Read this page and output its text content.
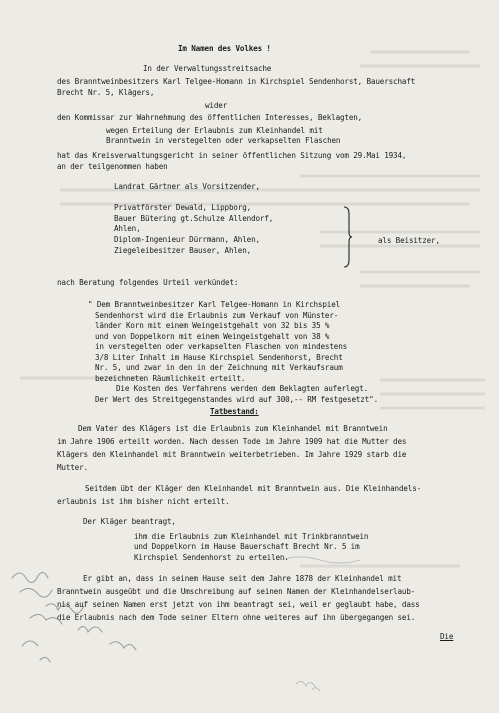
Im Namen des Volkes !
In der Verwaltungsstreitsache
des Branntweinbesitzers Karl Telgee-Homann in Kirchspiel Sendenhorst, Bauerschaft
Brecht Nr. 5, Klägers,
wider
den Kommissar zur Wahrnehmung des öffentlichen Interesses, Beklagten,
wegen Erteilung der Erlaubnis zum Kleinhandel mit
Branntwein in verstegelten oder verkapselten Flaschen
hat das Kreisverwaltungsgericht in seiner öffentlichen Sitzung vom 29.Mai 1934,
an der teilgenommen haben
Landrat Gärtner als Vorsitzender,
Privatförster Dewald, Lippborg,
Bauer Bütering gt.Schulze Allendorf,
Ahlen,
Diplom-Ingenieur Dürrmann, Ahlen,
Ziegeleibesitzer Bauser, Ahlen,
als Beisitzer,
nach Beratung folgendes Urteil verkündet:
" Dem Branntweinbesitzer Karl Telgee-Homann in Kirchspiel
Sendenhorst wird die Erlaubnis zum Verkauf von Münster-
länder Korn mit einem Weingeistgehalt von 32 bis 35 %
und von Doppelkorn mit einem Weingeistgehalt von 38 %
in verstegelten oder verkapselten Flaschen von mindestens
3/8 Liter Inhalt im Hause Kirchspiel Sendenhorst, Brecht
Nr. 5, und zwar in den in der Zeichnung mit Verkaufsraum
bezeichneten Räumlichkeit erteilt.
Die Kosten des Verfahrens werden dem Beklagten auferlegt.
Der Wert des Streitgegenstandes wird auf 300,-- RM festgesetzt".
Tatbestand:
Dem Vater des Klägers ist die Erlaubnis zum Kleinhandel mit Branntwein
im Jahre 1906 erteilt worden. Nach dessen Tode im Jahre 1909 hat die Mutter des
Klägers den Kleinhandel mit Branntwein weiterbetrieben. Im Jahre 1929 starb die
Mutter.
Seitdem übt der Kläger den Kleinhandel mit Branntwein aus. Die Kleinhandels-
erlaubnis ist ihm bisher nicht erteilt.
Der Kläger beantragt,
ihm die Erlaubnis zum Kleinhandel mit Trinkbranntwein
und Doppelkorn im Hause Bauerschaft Brecht Nr. 5 im
Kirchspiel Sendenhorst zu erteilen.
Er gibt an, dass in seinem Hause seit dem Jahre 1878 der Kleinhandel mit
Branntwein ausgeübt und die Umschreibung auf seinen Namen der Kleinhandelserlaub-
nis auf seinen Namen erst jetzt von ihm beantragt sei, weil er geglaubt habe, dass
die Erlaubnis nach dem Tode seiner Eltern ohne weiteres auf ihn übergegangen sei.
Die
